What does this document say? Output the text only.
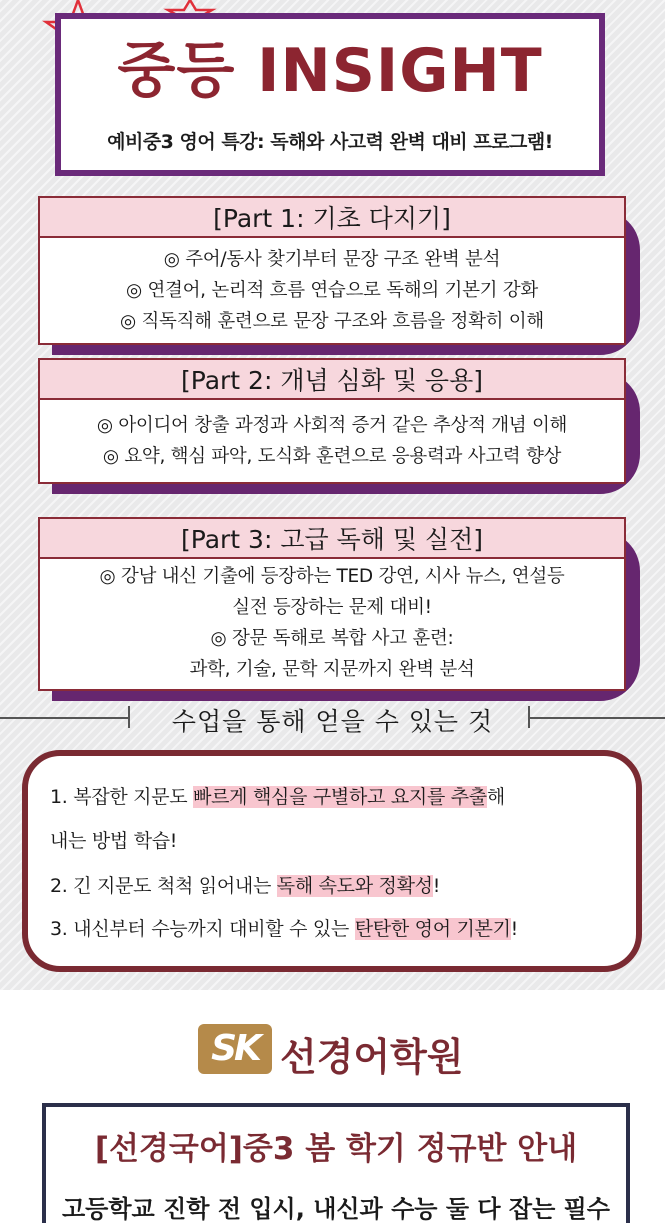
중등 INSIGHT
예비중3 영어 특강: 독해와 사고력 완벽 대비 프로그램!
[Part 1: 기초 다지기]
◎ 주어/동사 찾기부터 문장 구조 완벽 분석
◎ 연결어, 논리적 흐름 연습으로 독해의 기본기 강화
◎ 직독직해 훈련으로 문장 구조와 흐름을 정확히 이해
[Part 2: 개념 심화 및 응용]
◎ 아이디어 창출 과정과 사회적 증거 같은 추상적 개념 이해
◎ 요약, 핵심 파악, 도식화 훈련으로 응용력과 사고력 향상
[Part 3: 고급 독해 및 실전]
◎ 강남 내신 기출에 등장하는 TED 강연, 시사 뉴스, 연설등
실전 등장하는 문제 대비!
◎ 장문 독해로 복합 사고 훈련:
과학, 기술, 문학 지문까지 완벽 분석
수업을 통해 얻을 수 있는 것
1. 복잡한 지문도 빠르게 핵심을 구별하고 요지를 추출해
내는 방법 학습!
2. 긴 지문도 척척 읽어내는 독해 속도와 정확성!
3. 내신부터 수능까지 대비할 수 있는 탄탄한 영어 기본기!
SK 선경어학원
[선경국어]중3 봄 학기 정규반 안내
고등학교 진학 전 입시, 내신과 수능 둘 다 잡는 필수
